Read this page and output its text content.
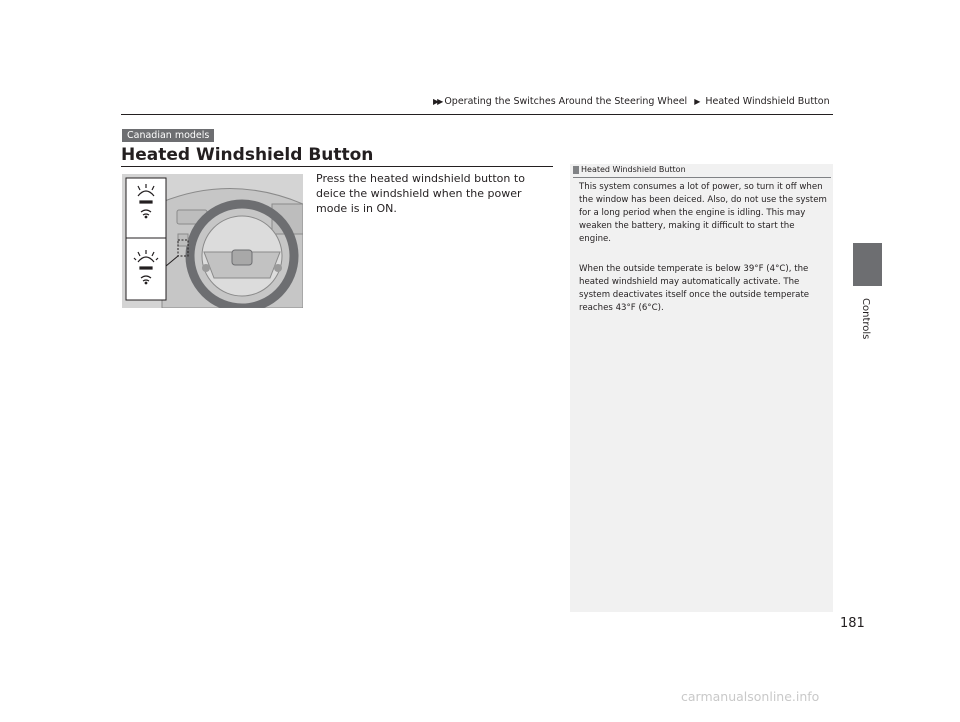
▶▶ Operating the Switches Around the Steering Wheel ▶ Heated Windshield Button
Canadian models
Heated Windshield Button
Press the heated windshield button to deice the windshield when the power mode is in ON.
Heated Windshield Button
This system consumes a lot of power, so turn it off when the window has been deiced. Also, do not use the system for a long period when the engine is idling. This may weaken the battery, making it difficult to start the engine.
When the outside temperate is below 39°F (4°C), the heated windshield may automatically activate. The system deactivates itself once the outside temperate reaches 43°F (6°C).	Controls
181
carmanualsonline.info
